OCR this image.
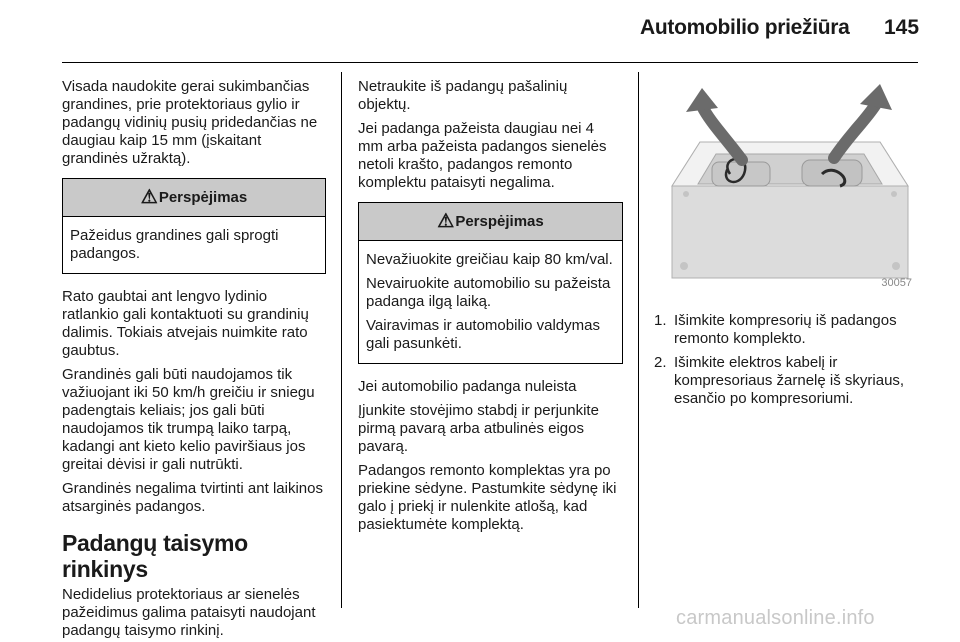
Automobilio priežiūra 145

Visada naudokite gerai sukimbančias grandines, prie protektoriaus gylio ir padangų vidinių pusių pridedančias ne daugiau kaip 15 mm (įskaitant grandinės užraktą).

⚠ Perspėjimas

Pažeidus grandines gali sprogti padangos.

Rato gaubtai ant lengvo lydinio ratlankio gali kontaktuoti su grandinių dalimis. Tokiais atvejais nuimkite rato gaubtus.

Grandinės gali būti naudojamos tik važiuojant iki 50 km/h greičiu ir sniegu padengtais keliais; jos gali būti naudojamos tik trumpą laiko tarpą, kadangi ant kieto kelio paviršiaus jos greitai dėvisi ir gali nutrūkti.

Grandinės negalima tvirtinti ant laikinos atsarginės padangos.

Padangų taisymo rinkinys

Nedidelius protektoriaus ar sienelės pažeidimus galima pataisyti naudojant padangų taisymo rinkinį.

Netraukite iš padangų pašalinių objektų.

Jei padanga pažeista daugiau nei 4 mm arba pažeista padangos sienelės netoli krašto, padangos remonto komplektu pataisyti negalima.

⚠ Perspėjimas

Nevažiuokite greičiau kaip 80 km/val.

Nevairuokite automobilio su pažeista padanga ilgą laiką.

Vairavimas ir automobilio valdymas gali pasunkėti.

Jei automobilio padanga nuleista

Įjunkite stovėjimo stabdį ir perjunkite pirmą pavarą arba atbulinės eigos pavarą.

Padangos remonto komplektas yra po priekine sėdyne. Pastumkite sėdynę iki galo į priekį ir nulenkite atlošą, kad pasiektumėte komplektą.

30057
1. Išimkite kompresorių iš padangos remonto komplekto.
2. Išimkite elektros kabelį ir kompresoriaus žarnelę iš skyriaus, esančio po kompresoriumi.
carmanualsonline.info
